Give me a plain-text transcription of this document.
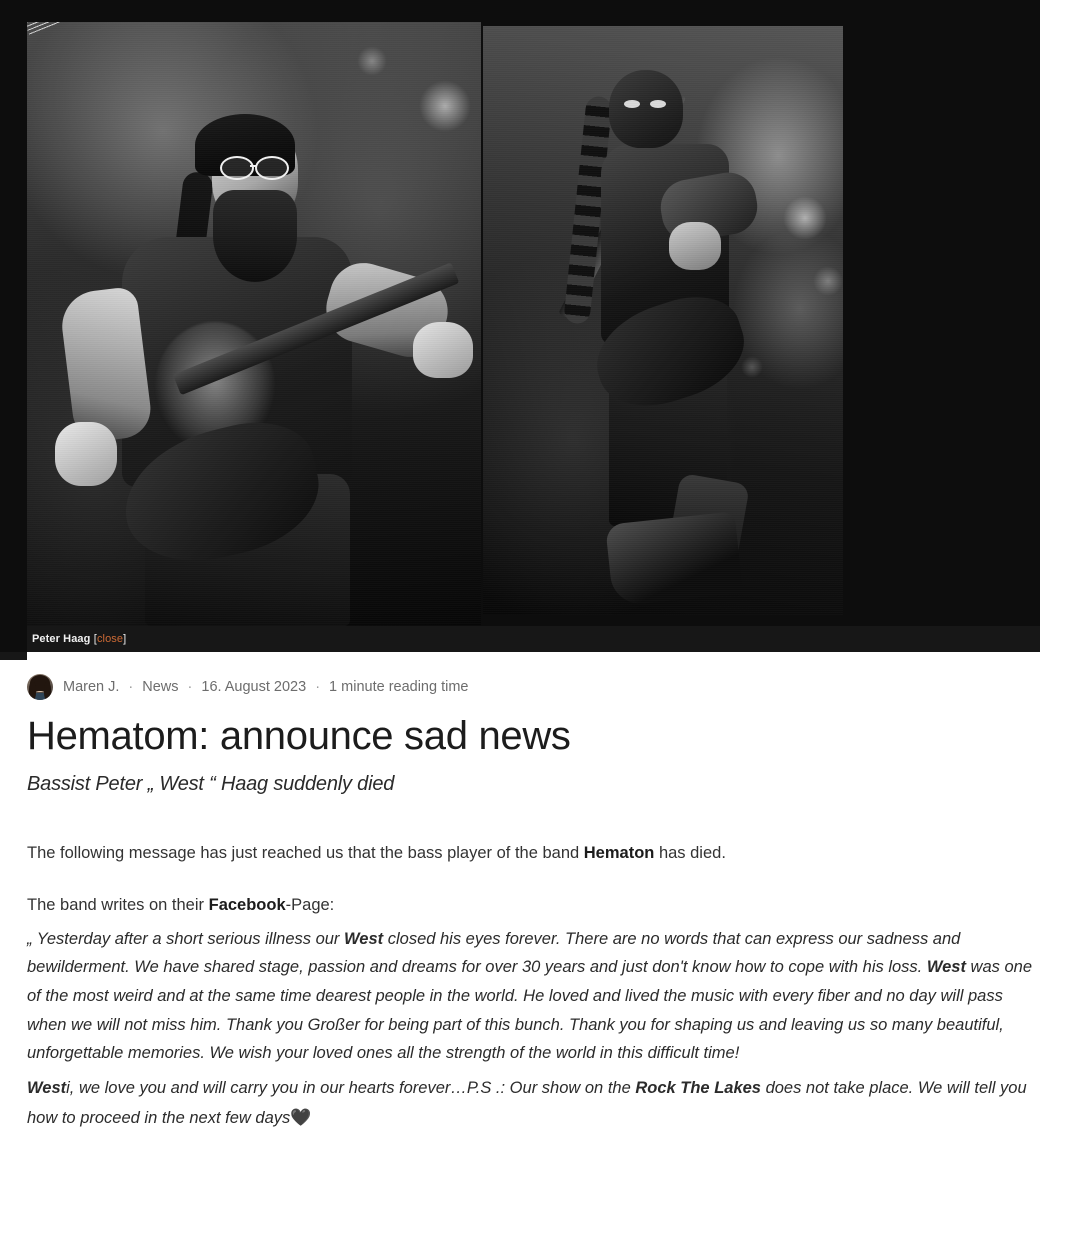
Peter Haag [close]
Maren J. · News · 16. August 2023 · 1 minute reading time
Hematom: announce sad news
Bassist Peter „ West “ Haag suddenly died

The following message has just reached us that the bass player of the band Hematon has died.

The band writes on their Facebook-Page:

„ Yesterday after a short serious illness our West closed his eyes forever. There are no words that can express our sadness and bewilderment. We have shared stage, passion and dreams for over 30 years and just don't know how to cope with his loss. West was one of the most weird and at the same time dearest people in the world. He loved and lived the music with every fiber and no day will pass when we will not miss him. Thank you Großer for being part of this bunch. Thank you for shaping us and leaving us so many beautiful, unforgettable memories. We wish your loved ones all the strength of the world in this difficult time!

Westi, we love you and will carry you in our hearts forever…P.S .: Our show on the Rock The Lakes does not take place. We will tell you how to proceed in the next few days🖤
